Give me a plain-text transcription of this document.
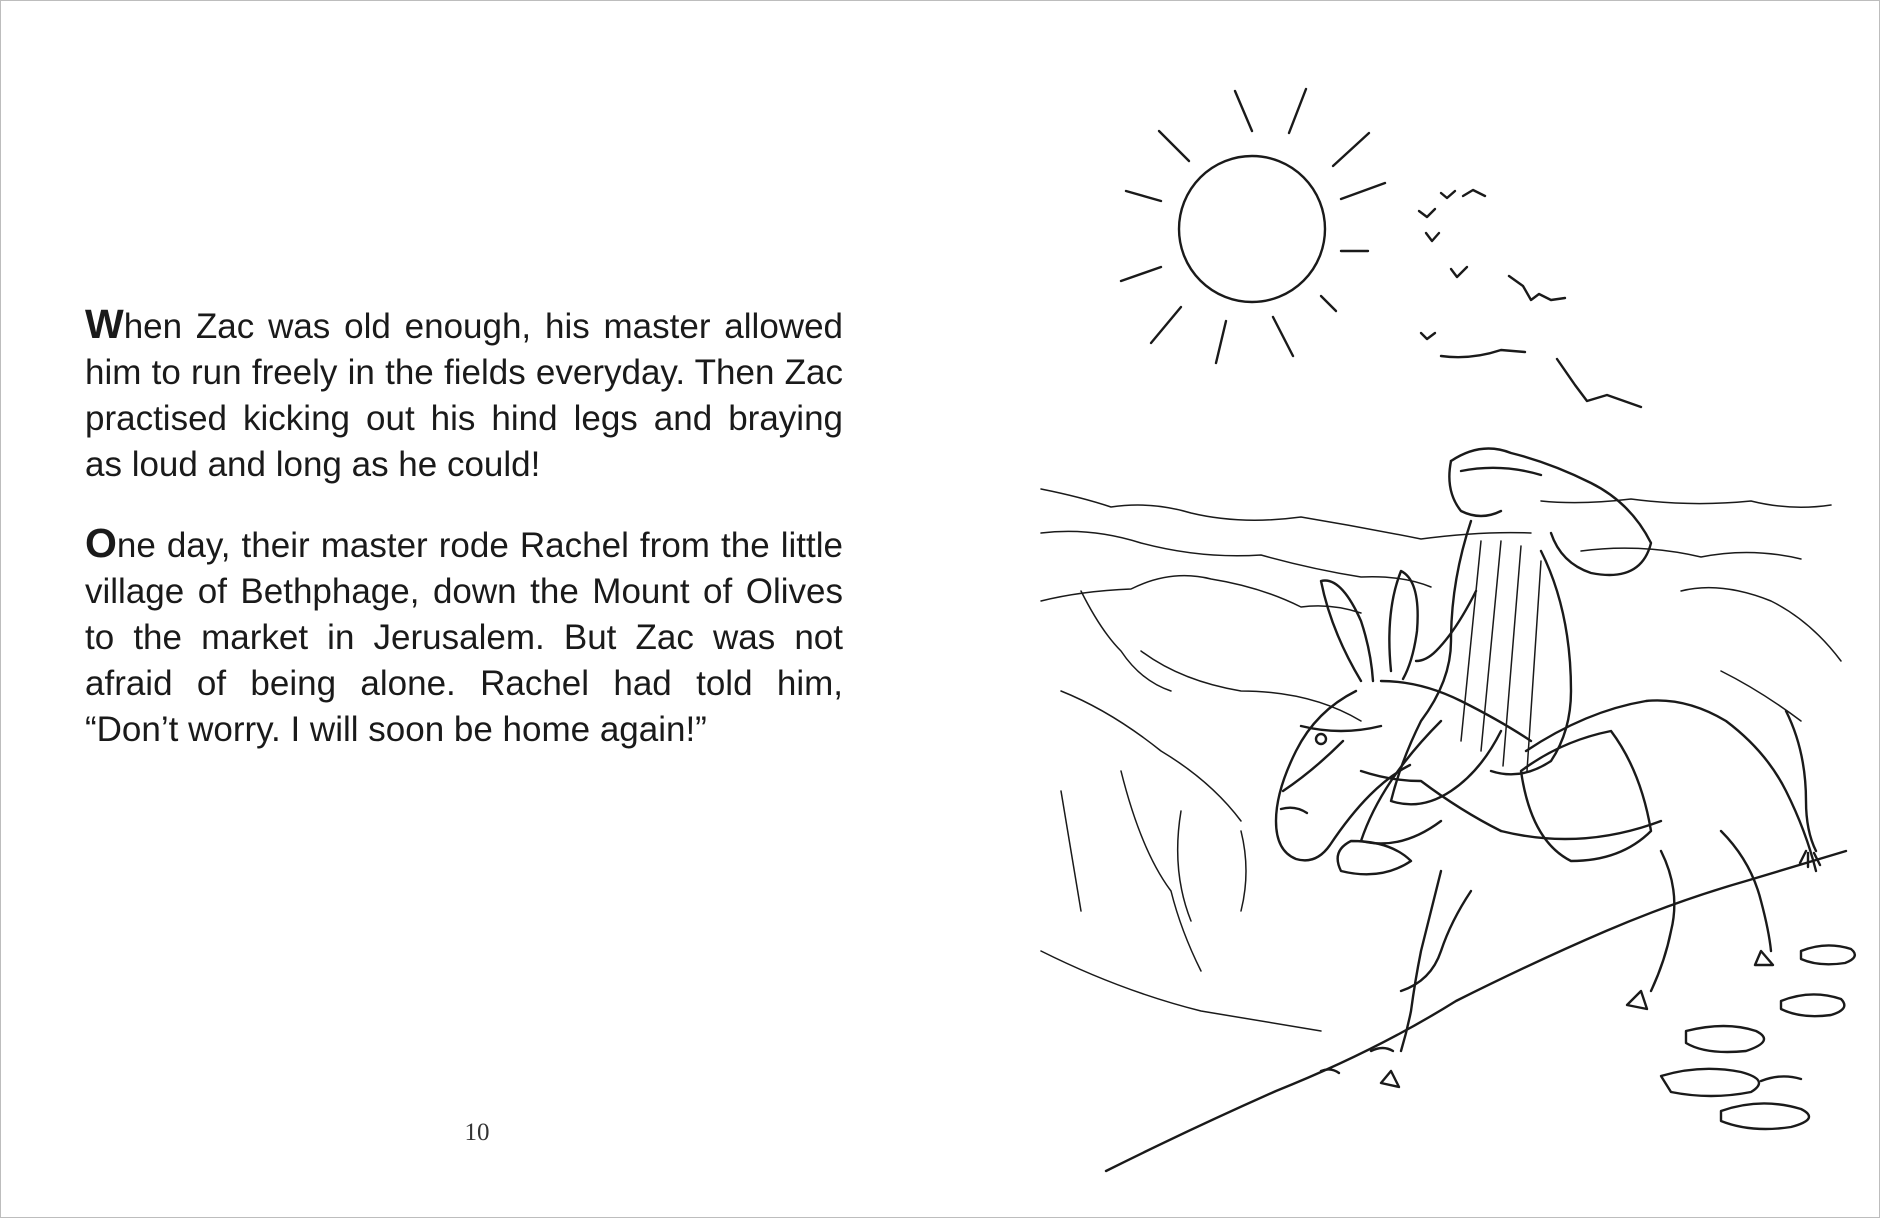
When Zac was old enough, his master allowed him to run freely in the fields everyday. Then Zac practised kicking out his hind legs and braying as loud and long as he could!

One day, their master rode Rachel from the little village of Bethphage, down the Mount of Olives to the market in Jerusalem. But Zac was not afraid of being alone. Rachel had told him, “Don’t worry. I will soon be home again!”

10
